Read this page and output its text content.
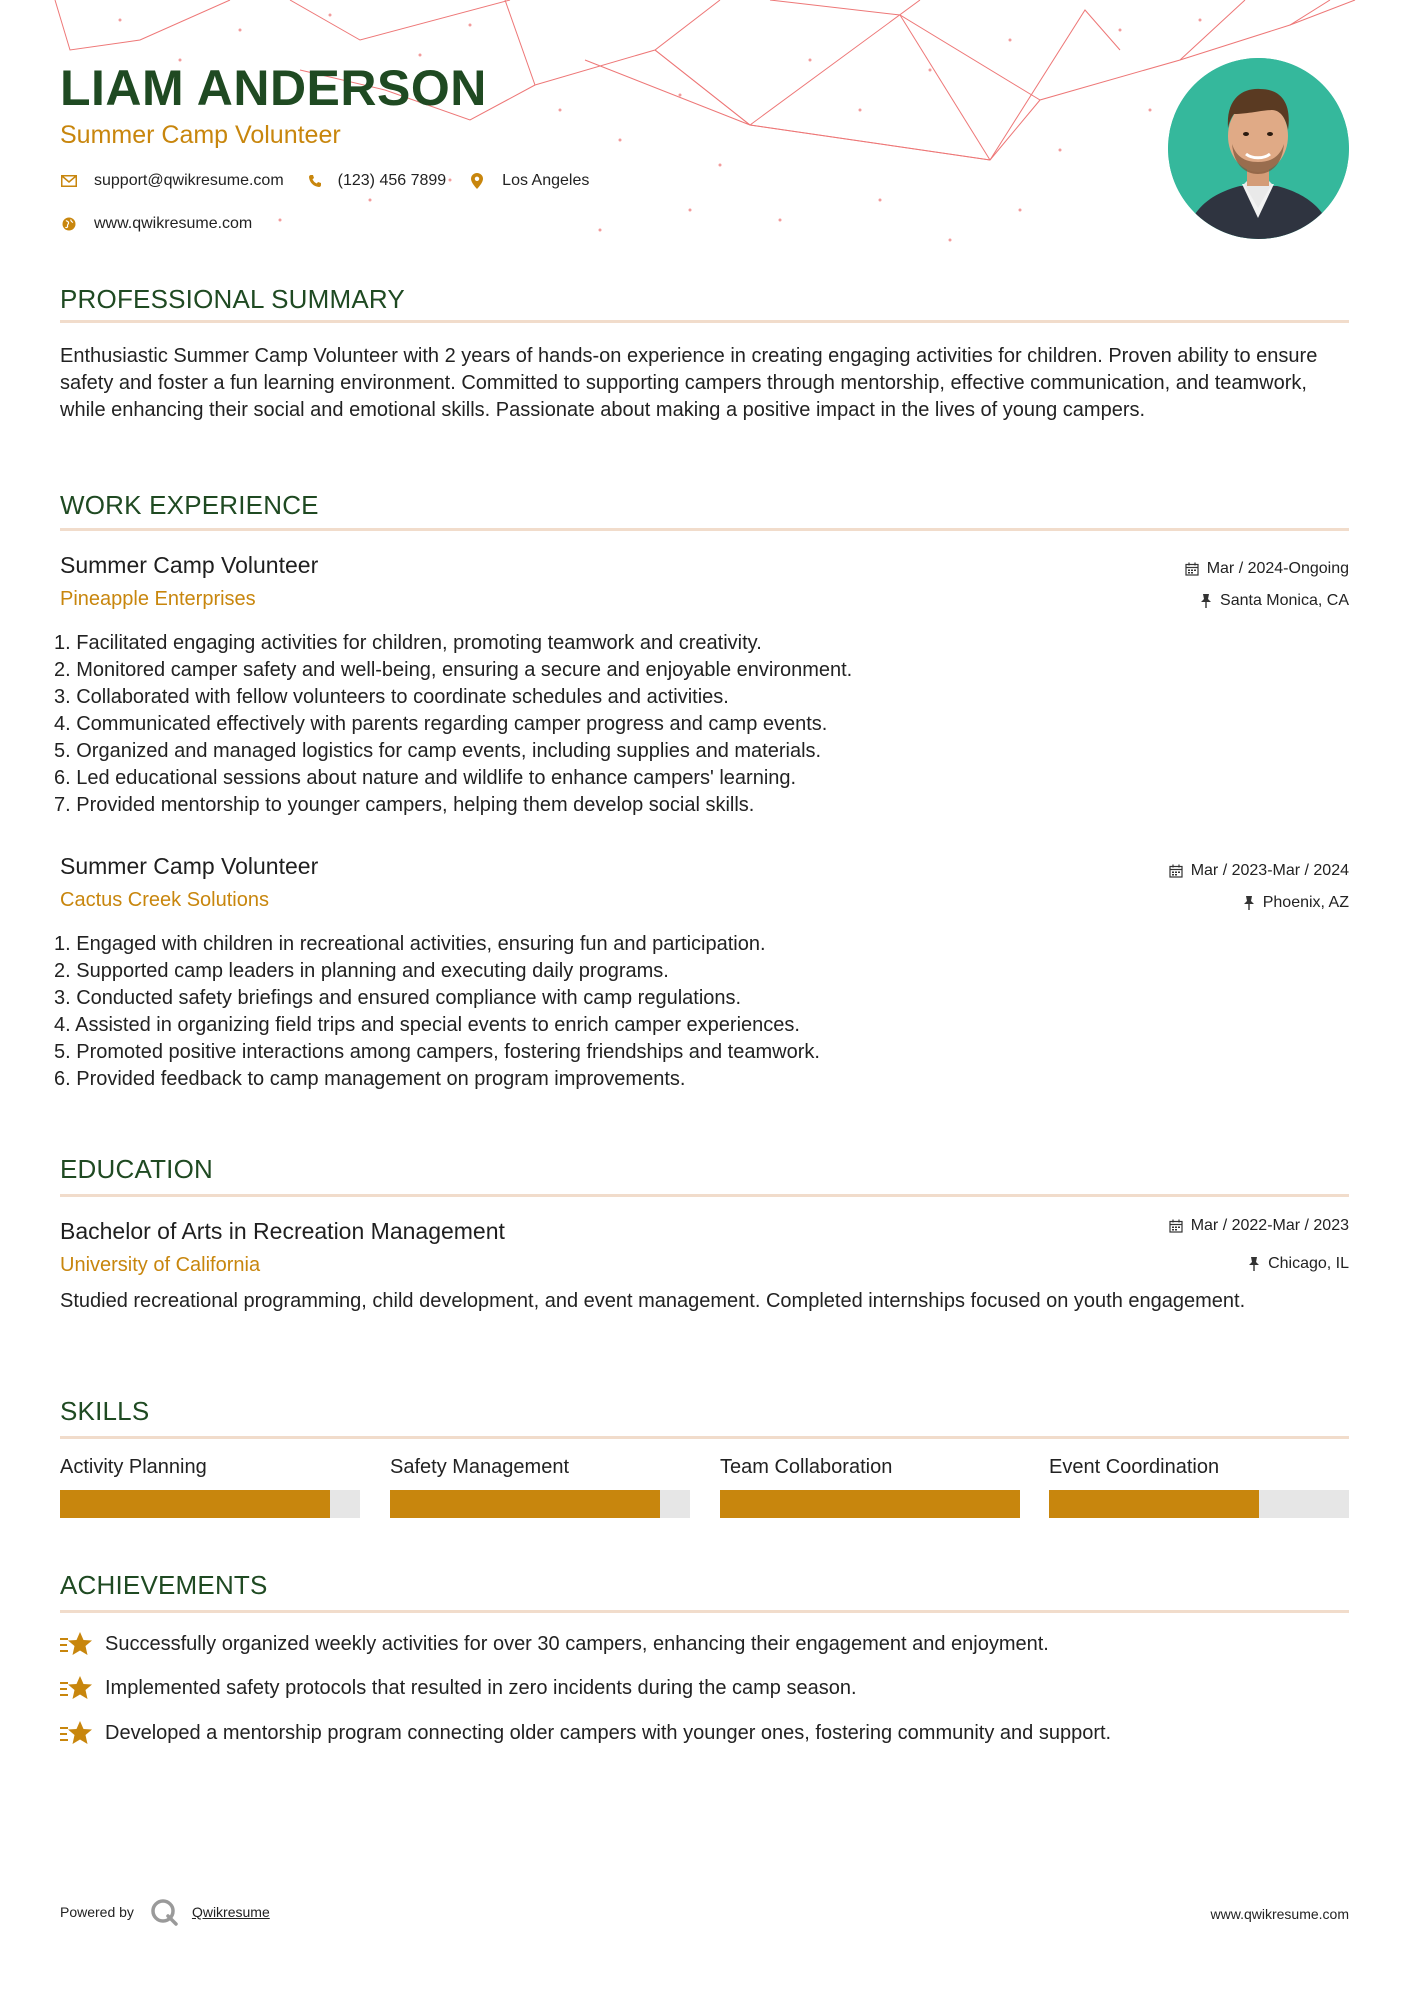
LIAM ANDERSON
Summer Camp Volunteer
support@qwikresume.com	(123) 456 7899	Los Angeles
www.qwikresume.com
PROFESSIONAL SUMMARY
Enthusiastic Summer Camp Volunteer with 2 years of hands-on experience in creating engaging activities for children. Proven ability to ensure safety and foster a fun learning environment. Committed to supporting campers through mentorship, effective communication, and teamwork, while enhancing their social and emotional skills. Passionate about making a positive impact in the lives of young campers.
WORK EXPERIENCE
Summer Camp Volunteer
Pineapple Enterprises
Mar / 2024-Ongoing
Santa Monica, CA
1. Facilitated engaging activities for children, promoting teamwork and creativity.
2. Monitored camper safety and well-being, ensuring a secure and enjoyable environment.
3. Collaborated with fellow volunteers to coordinate schedules and activities.
4. Communicated effectively with parents regarding camper progress and camp events.
5. Organized and managed logistics for camp events, including supplies and materials.
6. Led educational sessions about nature and wildlife to enhance campers' learning.
7. Provided mentorship to younger campers, helping them develop social skills.
Summer Camp Volunteer
Cactus Creek Solutions
Mar / 2023-Mar / 2024
Phoenix, AZ
1. Engaged with children in recreational activities, ensuring fun and participation.
2. Supported camp leaders in planning and executing daily programs.
3. Conducted safety briefings and ensured compliance with camp regulations.
4. Assisted in organizing field trips and special events to enrich camper experiences.
5. Promoted positive interactions among campers, fostering friendships and teamwork.
6. Provided feedback to camp management on program improvements.
EDUCATION
Bachelor of Arts in Recreation Management
University of California
Mar / 2022-Mar / 2023
Chicago, IL
Studied recreational programming, child development, and event management. Completed internships focused on youth engagement.
SKILLS
Activity Planning	Safety Management	Team Collaboration	Event Coordination
ACHIEVEMENTS
Successfully organized weekly activities for over 30 campers, enhancing their engagement and enjoyment.
Implemented safety protocols that resulted in zero incidents during the camp season.
Developed a mentorship program connecting older campers with younger ones, fostering community and support.
Powered by	Qwikresume	www.qwikresume.com
